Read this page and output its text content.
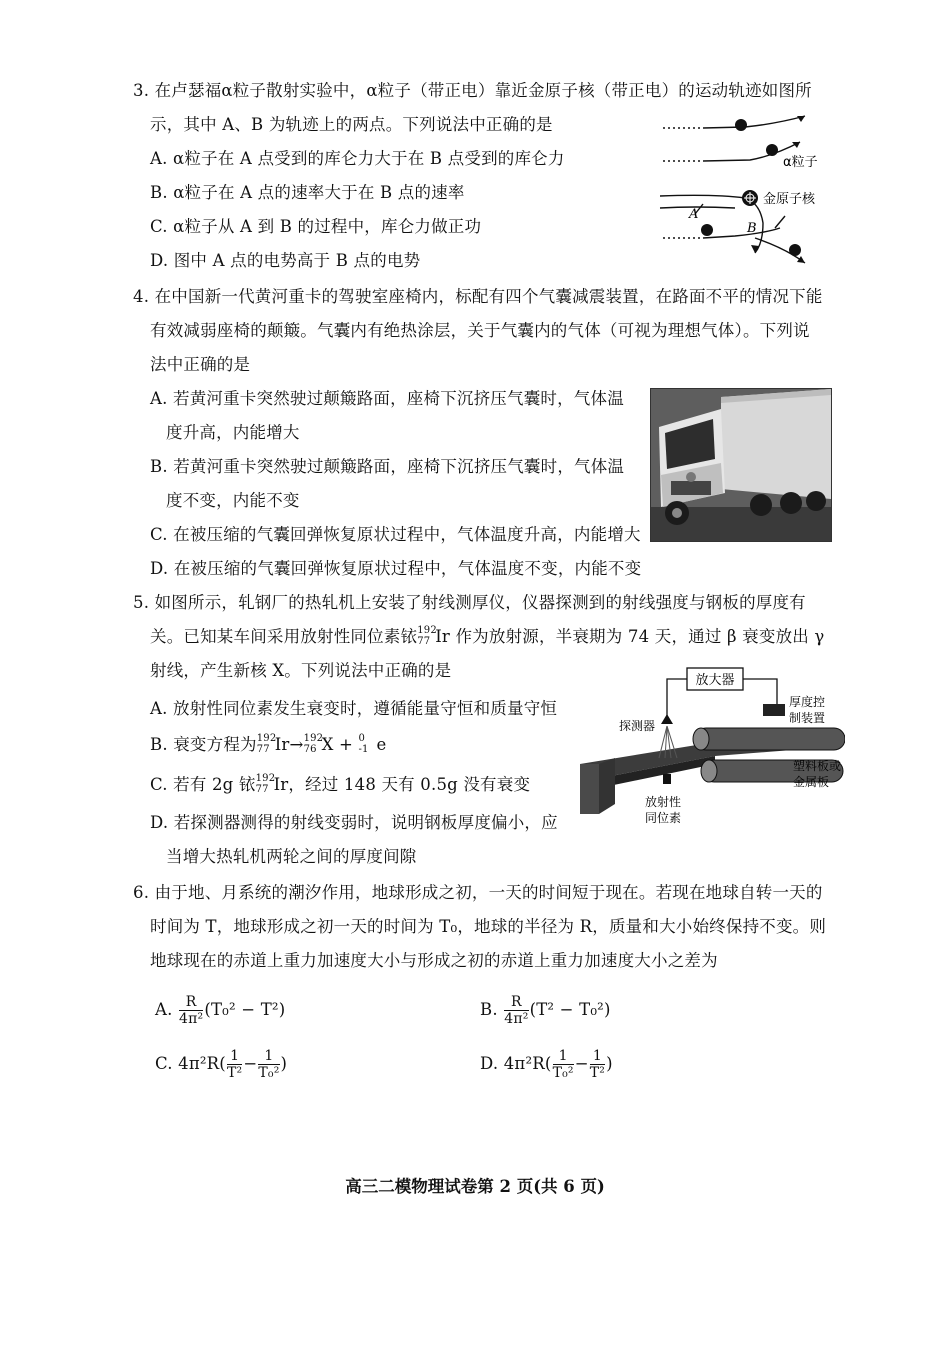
3. 在卢瑟福α粒子散射实验中，α粒子（带正电）靠近金原子核（带正电）的运动轨迹如图所
示，其中 A、B 为轨迹上的两点。下列说法中正确的是
A. α粒子在 A 点受到的库仑力大于在 B 点受到的库仑力
B. α粒子在 A 点的速率大于在 B 点的速率
C. α粒子从 A 到 B 的过程中，库仑力做正功
D. 图中 A 点的电势高于 B 点的电势
α粒子
金原子核
A
B
4. 在中国新一代黄河重卡的驾驶室座椅内，标配有四个气囊减震装置，在路面不平的情况下能
有效减弱座椅的颠簸。气囊内有绝热涂层，关于气囊内的气体（可视为理想气体）。下列说
法中正确的是
A. 若黄河重卡突然驶过颠簸路面，座椅下沉挤压气囊时，气体温
度升高，内能增大
B. 若黄河重卡突然驶过颠簸路面，座椅下沉挤压气囊时，气体温
度不变，内能不变
C. 在被压缩的气囊回弹恢复原状过程中，气体温度升高，内能增大
D. 在被压缩的气囊回弹恢复原状过程中，气体温度不变，内能不变
5. 如图所示，轧钢厂的热轧机上安装了射线测厚仪，仪器探测到的射线强度与钢板的厚度有
关。已知某车间采用放射性同位素铱 192
77 Ir 作为放射源，半衰期为 74 天，通过 β 衰变放出 γ
射线，产生新核 X。下列说法中正确的是
A. 放射性同位素发生衰变时，遵循能量守恒和质量守恒
B. 衰变方程为 192
77 Ir→ 192
76 X + 0
-1 e
C. 若有 2g 铱 192
77 Ir，经过 148 天有 0.5g 没有衰变
D. 若探测器测得的射线变弱时，说明钢板厚度偏小，应
当增大热轧机两轮之间的厚度间隙
放大器
厚度控
制装置
探测器
放射性
同位素
塑料板或
金属板
6. 由于地、月系统的潮汐作用，地球形成之初，一天的时间短于现在。若现在地球自转一天的
时间为 T，地球形成之初一天的时间为 T₀，地球的半径为 R，质量和大小始终保持不变。则
地球现在的赤道上重力加速度大小与形成之初的赤道上重力加速度大小之差为
A. $\frac{R}{\text{4π²}} (T_0^2 - T^2)$	B. $\frac{R}{\text{4π²}} (T^2 - T_0^2)$
C. $4\pi^2R( \frac{1}{\text{T²}} - \frac{1}{\text{T₀²}}$ )	D. $4\pi^2R( \frac{1}{\text{T₀²}} - \frac{1}{\text{T²}}$ )
高三二模物理试卷第 2 页(共 6 页)
